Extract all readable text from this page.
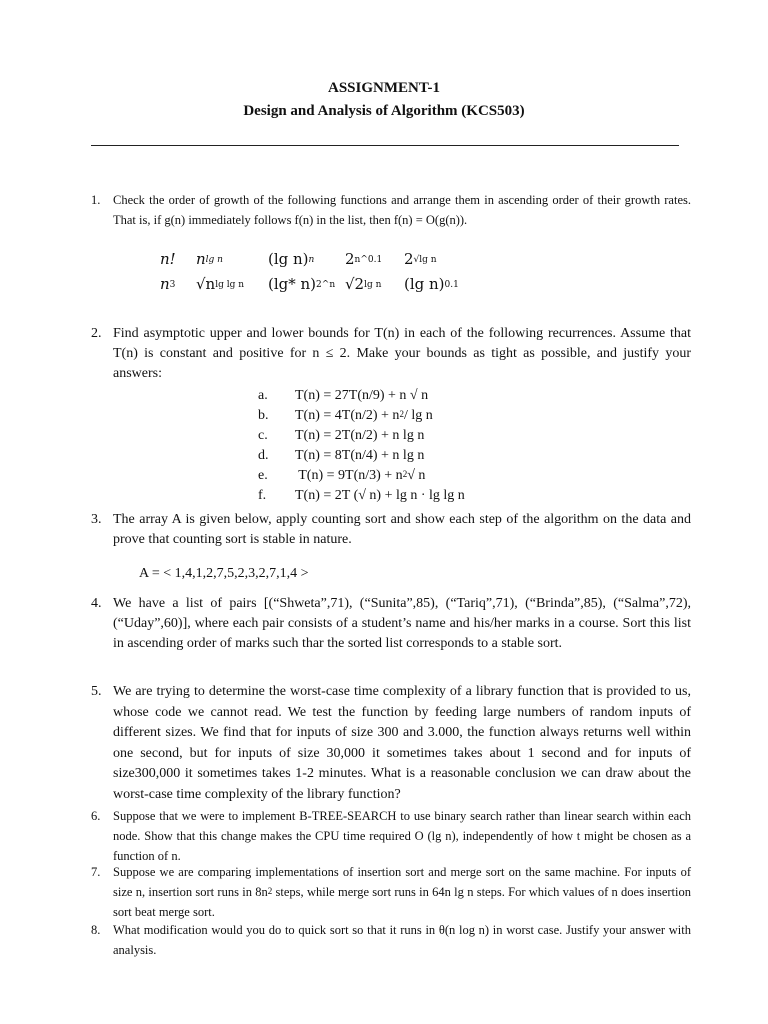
ASSIGNMENT-1
Design and Analysis of Algorithm (KCS503)
1. Check the order of growth of the following functions and arrange them in ascending order of their growth rates. That is, if g(n) immediately follows f(n) in the list, then f(n) = O(g(n)).
n! $n^{lg n}$	(lg n)$^n$ $2^{n\^{}0.1}$ $2^{√lg n}$
$n^3$ $√n^{lg lg n}$ (lg* n)$^{2\^{}n}$ $√2^{lg n}$ (lg n)$^{0.1}$
2. Find asymptotic upper and lower bounds for T(n) in each of the following recurrences. Assume that T(n) is constant and positive for n ≤ 2. Make your bounds as tight as possible, and justify your answers:
a. T(n) = 27T(n/9) + n √ n
b. $T(n) = 4T(n/2) + n^2/$ lg n
c. T(n) = 2T(n/2) + n lg n
d. T(n) = 8T(n/4) + n lg n
e. $T(n) = 9T(n/3) + n^2√$ n
f. T(n) = 2T (√ n) + lg n · lg lg n
3. The array A is given below, apply counting sort and show each step of the algorithm on the data and prove that counting sort is stable in nature.
A = < 1,4,1,2,7,5,2,3,2,7,1,4 >
4. We have a list of pairs [(“Shweta”,71), (“Sunita”,85), (“Tariq”,71), (“Brinda”,85), (“Salma”,72), (“Uday”,60)], where each pair consists of a student’s name and his/her marks in a course. Sort this list in ascending order of marks such thar the sorted list corresponds to a stable sort.
5. We are trying to determine the worst-case time complexity of a library function that is provided to us, whose code we cannot read. We test the function by feeding large numbers of random inputs of different sizes. We find that for inputs of size 300 and 3.000, the function always returns well within one second, but for inputs of size 30,000 it sometimes takes about 1 second and for inputs of size300,000 it sometimes takes 1-2 minutes. What is a reasonable conclusion we can draw about the worst-case time complexity of the library function?
6. Suppose that we were to implement B-TREE-SEARCH to use binary search rather than linear search within each node. Show that this change makes the CPU time required O (lg n), independently of how t might be chosen as a function of n.
7. Suppose we are comparing implementations of insertion sort and merge sort on the same machine. For inputs of size n, insertion sort runs in $8n^2$ steps, while merge sort runs in 64n lg n steps. For which values of n does insertion sort beat merge sort.
8. What modification would you do to quick sort so that it runs in θ(n log n) in worst case. Justify your answer with analysis.
